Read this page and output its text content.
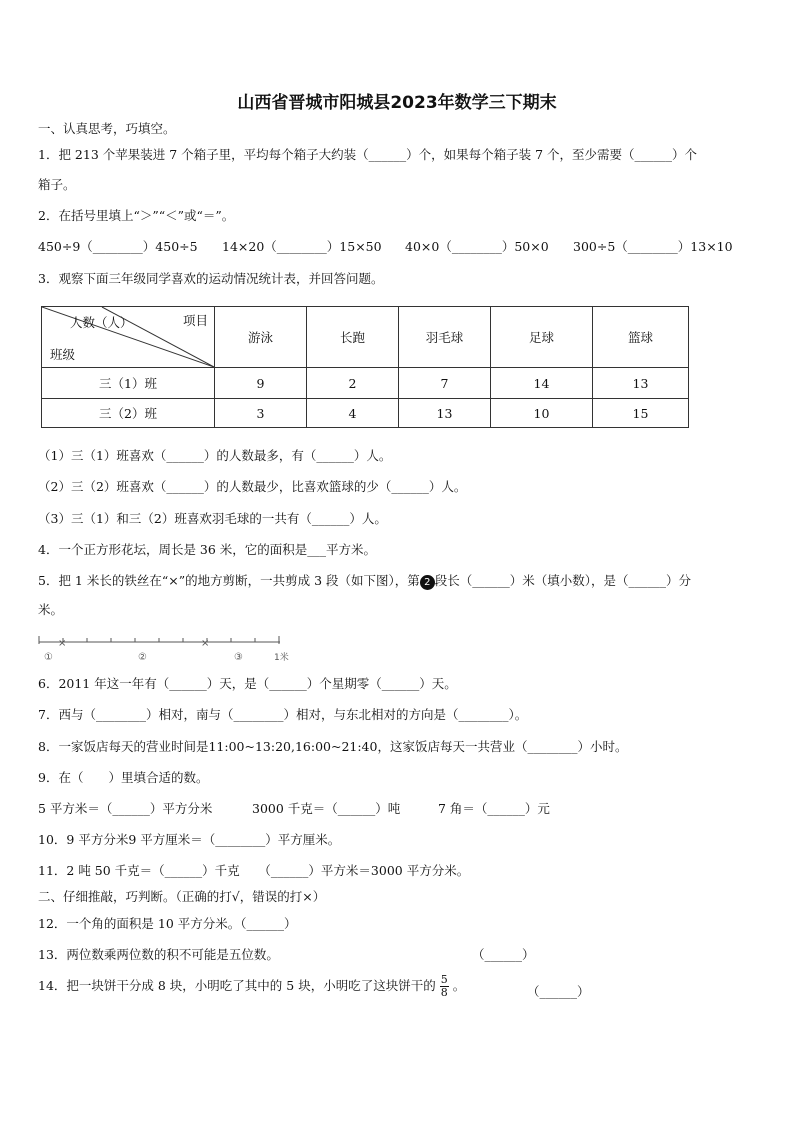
山西省晋城市阳城县2023年数学三下期末
一、认真思考，巧填空。
1．把 213 个苹果装进 7 个箱子里，平均每个箱子大约装（______）个，如果每个箱子装 7 个，至少需要（______）个
箱子。
2．在括号里填上“＞”“＜”或“＝”。
450÷9（________）450÷5 14×20（________）15×50 40×0（________）50×0 300÷5（________）13×10
3．观察下面三年级同学喜欢的运动情况统计表，并回答问题。
人数（人） 项目
班级	游泳	长跑	羽毛球	足球	篮球
三（1）班	9	2	7	14	13
三（2）班	3	4	13	10	15
（1）三（1）班喜欢（______）的人数最多，有（______）人。
（2）三（2）班喜欢（______）的人数最少，比喜欢篮球的少（______）人。
（3）三（1）和三（2）班喜欢羽毛球的一共有（______）人。
4．一个正方形花坛，周长是 36 米，它的面积是___平方米。
5．把 1 米长的铁丝在“×”的地方剪断，一共剪成 3 段（如下图），第 2 段长（______）米（填小数），是（______）分
米。
×	×
①	②	③	1米
6．2011 年这一年有（______）天，是（______）个星期零（______）天。
7．西与（________）相对，南与（________）相对，与东北相对的方向是（________）。
8．一家饭店每天的营业时间是11:00~13:20,16:00~21:40，这家饭店每天一共营业（________）小时。
9．在（　　）里填合适的数。
5 平方米＝（______）平方分米	3000 千克＝（______）吨	7 角＝（______）元
10．9 平方分米9 平方厘米＝（________）平方厘米。
11．2 吨 50 千克＝（______）千克　　（______）平方米＝3000 平方分米。
二、仔细推敲，巧判断。（正确的打√，错误的打×）
12．一个角的面积是 10 平方分米。（______）
13．两位数乘两位数的积不可能是五位数。	（______）
14．把一块饼干分成 8 块，小明吃了其中的 5 块，小明吃了这块饼干的 $\frac{5}{8}$ 。	（______）
